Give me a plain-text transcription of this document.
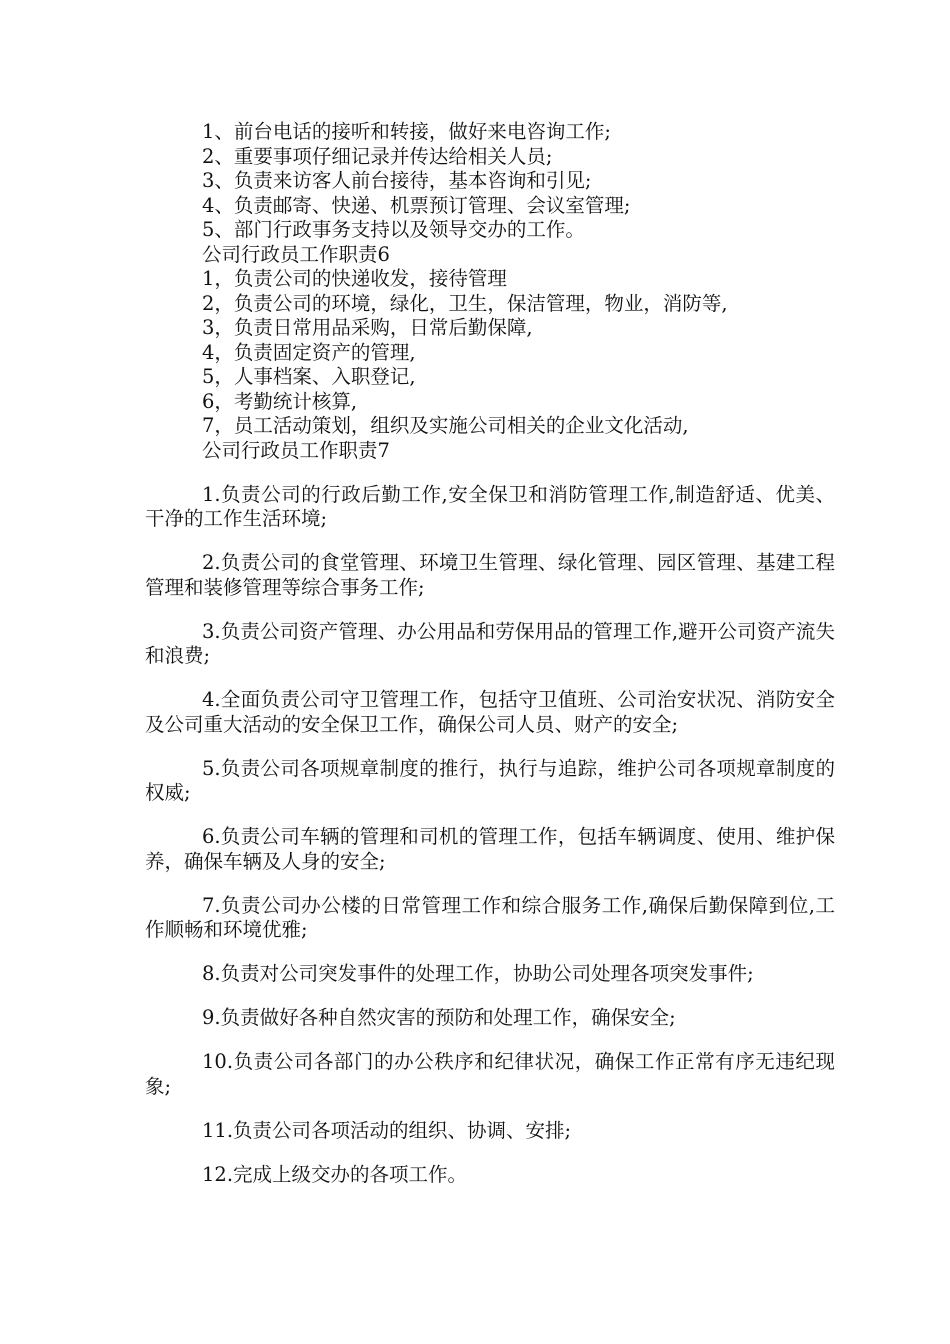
1、前台电话的接听和转接，做好来电咨询工作;

2、重要事项仔细记录并传达给相关人员;

3、负责来访客人前台接待，基本咨询和引见;

4、负责邮寄、快递、机票预订管理、会议室管理;

5、部门行政事务支持以及领导交办的工作。

公司行政员工作职责6

1，负责公司的快递收发，接待管理

2，负责公司的环境，绿化，卫生，保洁管理，物业，消防等,

3，负责日常用品采购，日常后勤保障,

4，负责固定资产的管理,

5，人事档案、入职登记,

6，考勤统计核算,

7，员工活动策划，组织及实施公司相关的企业文化活动,

公司行政员工作职责7

1.负责公司的行政后勤工作,安全保卫和消防管理工作,制造舒适、优美、干净的工作生活环境;

2.负责公司的食堂管理、环境卫生管理、绿化管理、园区管理、基建工程管理和装修管理等综合事务工作;

3.负责公司资产管理、办公用品和劳保用品的管理工作,避开公司资产流失和浪费;

4.全面负责公司守卫管理工作，包括守卫值班、公司治安状况、消防安全及公司重大活动的安全保卫工作，确保公司人员、财产的安全;

5.负责公司各项规章制度的推行，执行与追踪，维护公司各项规章制度的权威;

6.负责公司车辆的管理和司机的管理工作，包括车辆调度、使用、维护保养，确保车辆及人身的安全;

7.负责公司办公楼的日常管理工作和综合服务工作,确保后勤保障到位,工作顺畅和环境优雅;

8.负责对公司突发事件的处理工作，协助公司处理各项突发事件;

9.负责做好各种自然灾害的预防和处理工作，确保安全;

10.负责公司各部门的办公秩序和纪律状况，确保工作正常有序无违纪现象;

11.负责公司各项活动的组织、协调、安排;

12.完成上级交办的各项工作。
